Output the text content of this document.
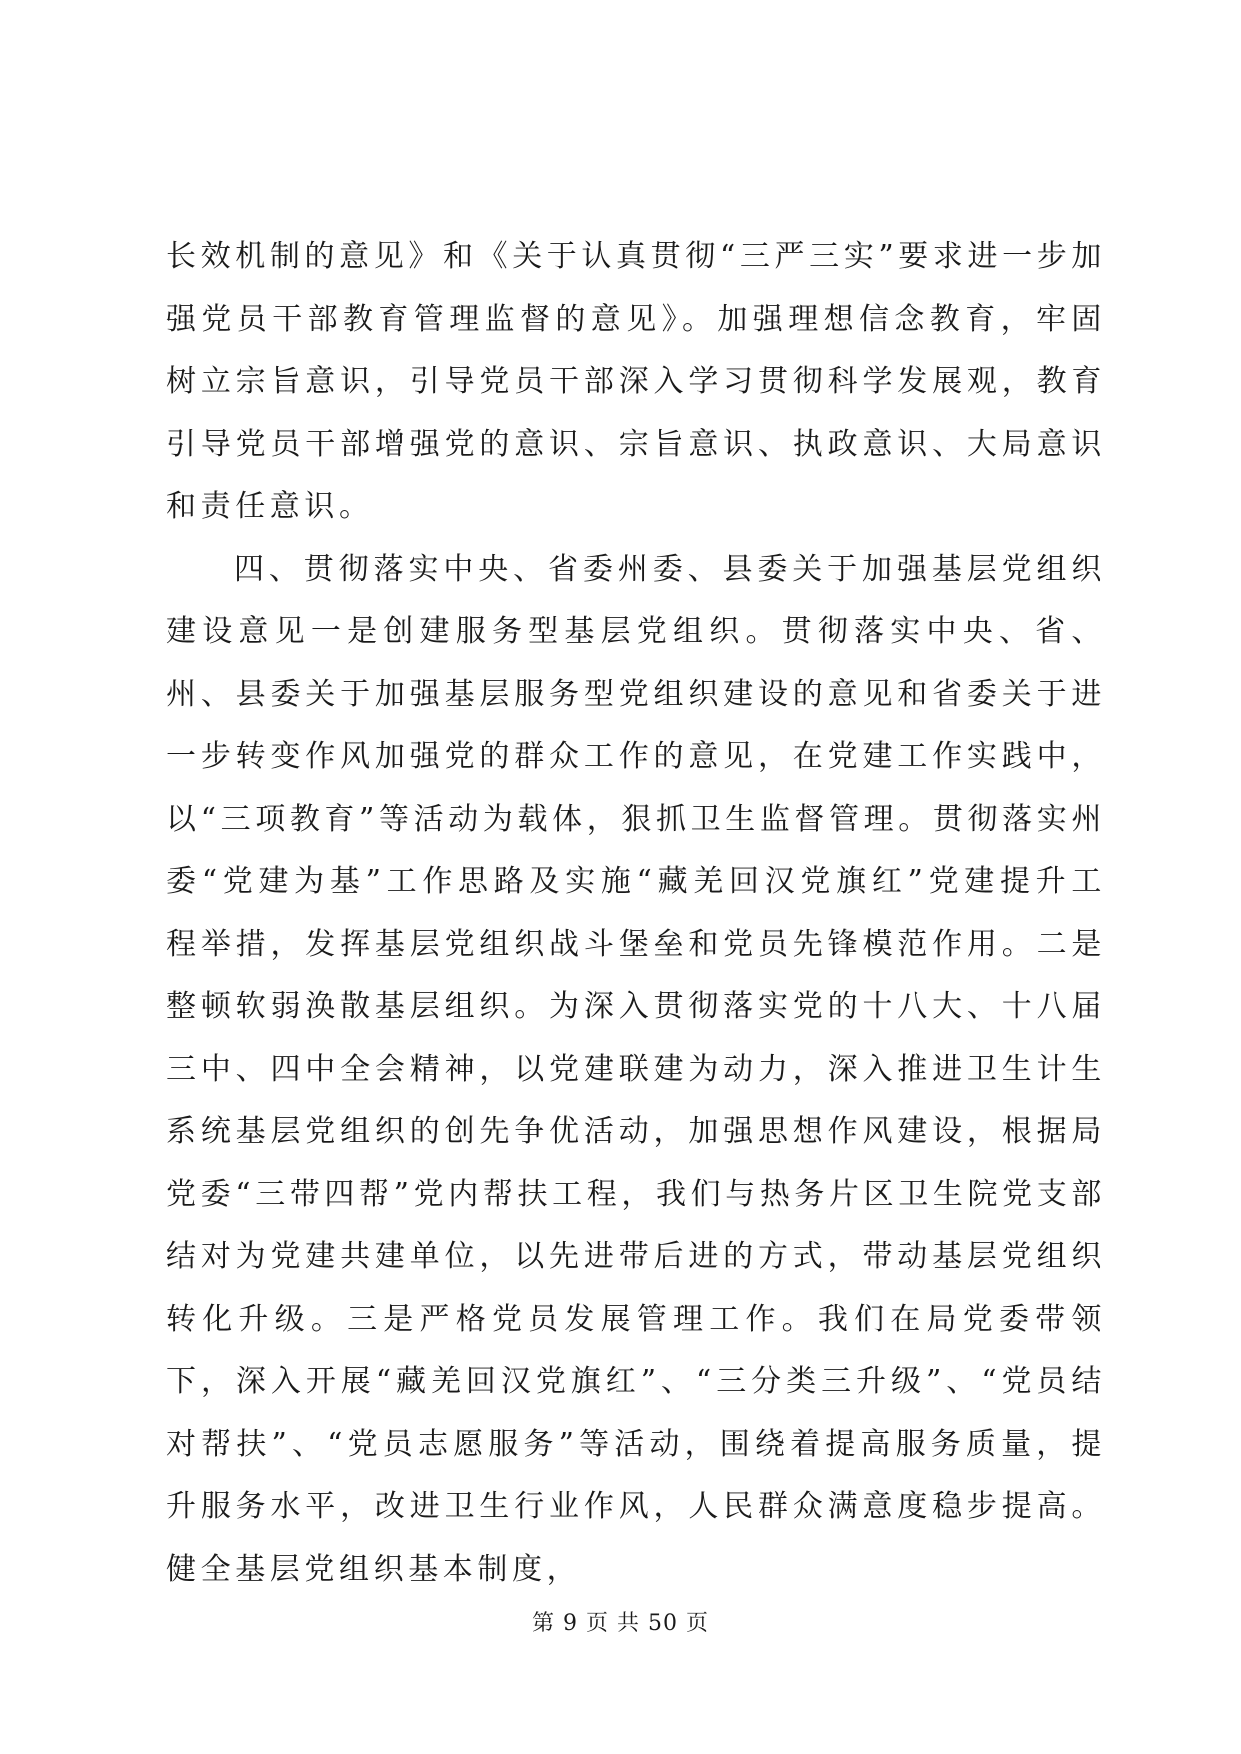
长效机制的意见》和《关于认真贯彻“三严三实”要求进一步加强党员干部教育管理监督的意见》。加强理想信念教育，牢固树立宗旨意识，引导党员干部深入学习贯彻科学发展观，教育引导党员干部增强党的意识、宗旨意识、执政意识、大局意识和责任意识。

四、贯彻落实中央、省委州委、县委关于加强基层党组织建设意见一是创建服务型基层党组织。贯彻落实中央、省、州、县委关于加强基层服务型党组织建设的意见和省委关于进一步转变作风加强党的群众工作的意见，在党建工作实践中，以“三项教育”等活动为载体，狠抓卫生监督管理。贯彻落实州委“党建为基”工作思路及实施“藏羌回汉党旗红”党建提升工程举措，发挥基层党组织战斗堡垒和党员先锋模范作用。二是整顿软弱涣散基层组织。为深入贯彻落实党的十八大、十八届三中、四中全会精神，以党建联建为动力，深入推进卫生计生系统基层党组织的创先争优活动，加强思想作风建设，根据局党委“三带四帮”党内帮扶工程，我们与热务片区卫生院党支部结对为党建共建单位，以先进带后进的方式，带动基层党组织转化升级。三是严格党员发展管理工作。我们在局党委带领下，深入开展“藏羌回汉党旗红”、“三分类三升级”、“党员结对帮扶”、“党员志愿服务”等活动，围绕着提高服务质量，提升服务水平，改进卫生行业作风，人民群众满意度稳步提高。健全基层党组织基本制度，

第 9 页 共 50 页
